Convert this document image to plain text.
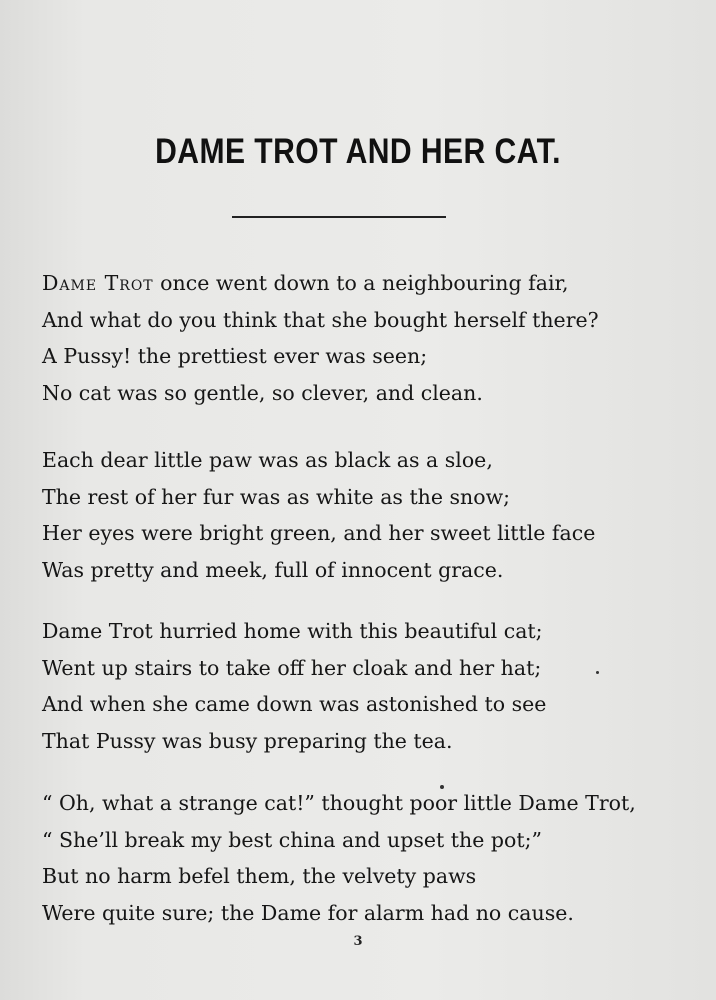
DAME TROT AND HER CAT.
Dame Trot once went down to a neighbouring fair,
And what do you think that she bought herself there?
A Pussy! the prettiest ever was seen;
No cat was so gentle, so clever, and clean.
Each dear little paw was as black as a sloe,
The rest of her fur was as white as the snow;
Her eyes were bright green, and her sweet little face
Was pretty and meek, full of innocent grace.
Dame Trot hurried home with this beautiful cat;
Went up stairs to take off her cloak and her hat;
And when she came down was astonished to see
That Pussy was busy preparing the tea.
“ Oh, what a strange cat!” thought poor little Dame Trot,
“ She’ll break my best china and upset the pot;”
But no harm befel them, the velvety paws
Were quite sure; the Dame for alarm had no cause.
3
